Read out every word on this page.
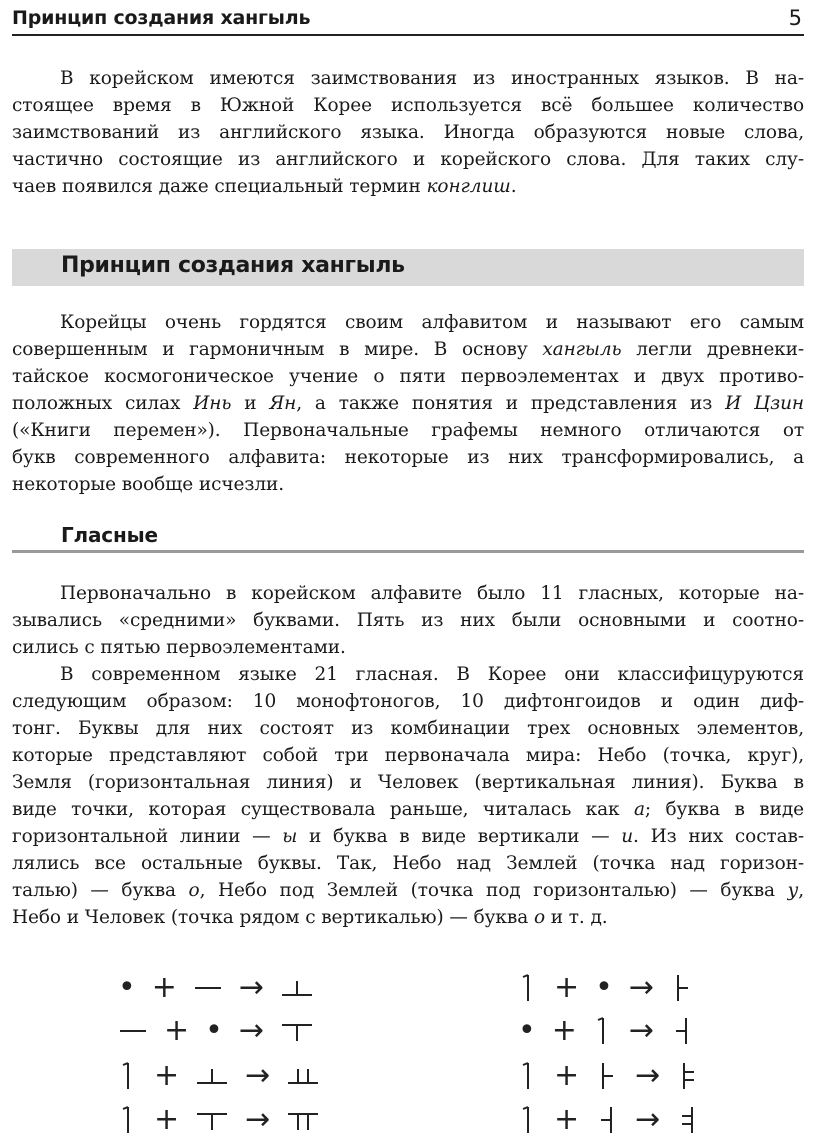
Принцип создания хангыль	5

В корейском имеются заимствования из иностранных языков. В на-
стоящее время в Южной Корее используется всё большее количество
заимствований из английского языка. Иногда образуются новые слова,
частично состоящие из английского и корейского слова. Для таких слу-
чаев появился даже специальный термин конглиш.

Принцип создания хангыль

Корейцы очень гордятся своим алфавитом и называют его самым
совершенным и гармоничным в мире. В основу хангыль легли древнеки-
тайское космогоническое учение о пяти первоэлементах и двух противо-
положных силах Инь и Ян, а также понятия и представления из И Цзин
(«Книги перемен»). Первоначальные графемы немного отличаются от
букв современного алфавита: некоторые из них трансформировались, а
некоторые вообще исчезли.

Гласные

Первоначально в корейском алфавите было 11 гласных, которые на-
зывались «средними» буквами. Пять из них были основными и соотно-
сились с пятью первоэлементами.

В современном языке 21 гласная. В Корее они классифицуруются
следующим образом: 10 монофтоногов, 10 дифтонгоидов и один диф-
тонг. Буквы для них состоят из комбинации трех основных элементов,
которые представляют собой три первоначала мира: Небо (точка, круг),
Земля (горизонтальная линия) и Человек (вертикальная линия). Буква в
виде точки, которая существовала раньше, читалась как а; буква в виде
горизонтальной линии — ы и буква в виде вертикали — и. Из них состав-
лялись все остальные буквы. Так, Небо над Землей (точка над горизон-
талью) — буква о, Небо под Землей (точка под горизонталью) — буква у,
Небо и Человек (точка рядом с вертикалью) — буква о и т. д.

• + →
+ • →
+ →
+ →
+ • →
• + →
+ →
+ →
